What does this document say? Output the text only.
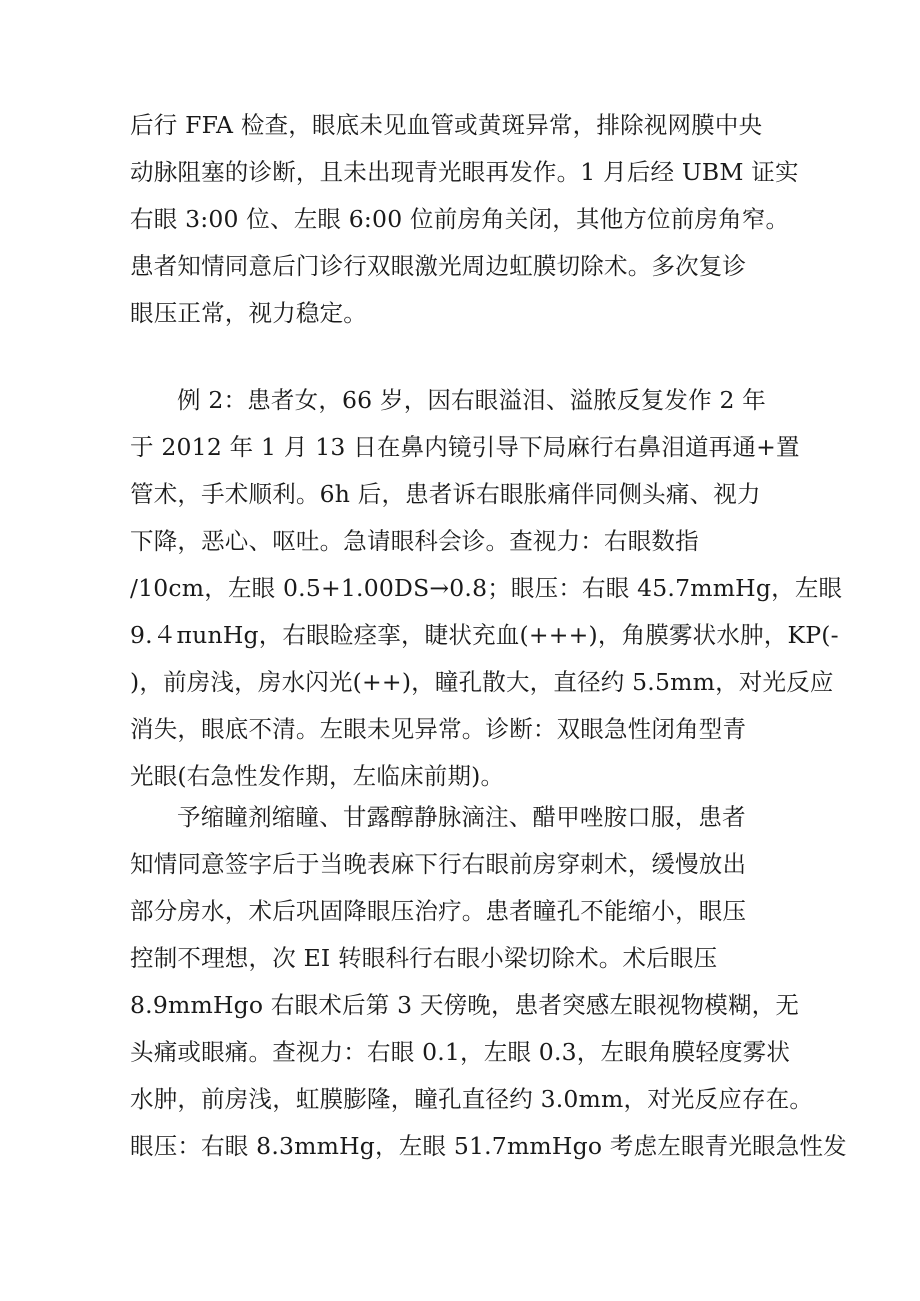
后行 FFA 检查，眼底未见血管或黄斑异常，排除视网膜中央
动脉阻塞的诊断，且未出现青光眼再发作。1 月后经 UBM 证实
右眼 3:00 位、左眼 6:00 位前房角关闭，其他方位前房角窄。
患者知情同意后门诊行双眼激光周边虹膜切除术。多次复诊
眼压正常，视力稳定。
例 2：患者女，66 岁，因右眼溢泪、溢脓反复发作 2 年
于 2012 年 1 月 13 日在鼻内镜引导下局麻行右鼻泪道再通+置
管术，手术顺利。6h 后，患者诉右眼胀痛伴同侧头痛、视力
下降，恶心、呕吐。急请眼科会诊。查视力：右眼数指
/10cm，左眼 0.5+1.00DS→0.8；眼压：右眼 45.7mmHg，左眼
9.４πunHg，右眼睑痉挛，睫状充血(+++)，角膜雾状水肿，KP(-
)，前房浅，房水闪光(++)，瞳孔散大，直径约 5.5mm，对光反应
消失，眼底不清。左眼未见异常。诊断：双眼急性闭角型青
光眼(右急性发作期，左临床前期)。
予缩瞳剂缩瞳、甘露醇静脉滴注、醋甲唑胺口服，患者
知情同意签字后于当晚表麻下行右眼前房穿刺术，缓慢放出
部分房水，术后巩固降眼压治疗。患者瞳孔不能缩小，眼压
控制不理想，次 EI 转眼科行右眼小梁切除术。术后眼压
8.9mmHgo 右眼术后第 3 天傍晚，患者突感左眼视物模糊，无
头痛或眼痛。查视力：右眼 0.1，左眼 0.3，左眼角膜轻度雾状
水肿，前房浅，虹膜膨隆，瞳孔直径约 3.0mm，对光反应存在。
眼压：右眼 8.3mmHg，左眼 51.7mmHgo 考虑左眼青光眼急性发
